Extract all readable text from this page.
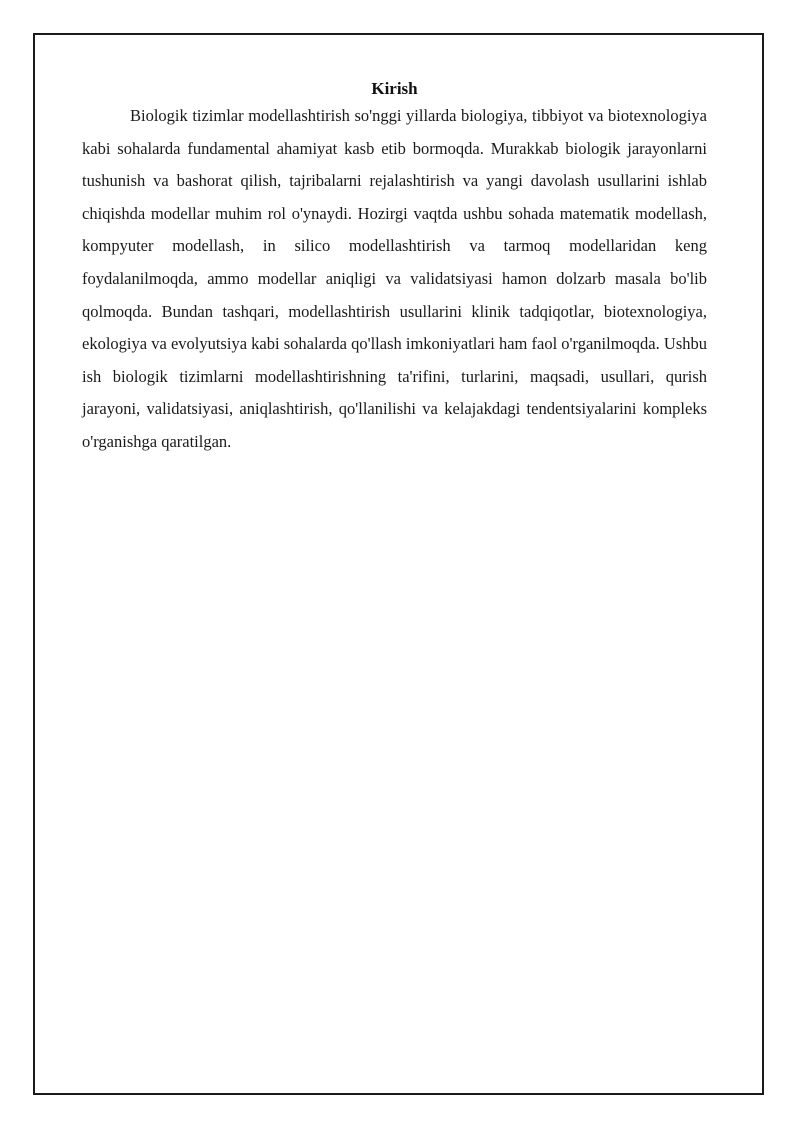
Kirish

Biologik tizimlar modellashtirish so'nggi yillarda biologiya, tibbiyot va biotexnologiya kabi sohalarda fundamental ahamiyat kasb etib bormoqda. Murakkab biologik jarayonlarni tushunish va bashorat qilish, tajribalarni rejalashtirish va yangi davolash usullarini ishlab chiqishda modellar muhim rol o'ynaydi. Hozirgi vaqtda ushbu sohada matematik modellash, kompyuter modellash, in silico modellashtirish va tarmoq modellaridan keng foydalanilmoqda, ammo modellar aniqligi va validatsiyasi hamon dolzarb masala bo'lib qolmoqda. Bundan tashqari, modellashtirish usullarini klinik tadqiqotlar, biotexnologiya, ekologiya va evolyutsiya kabi sohalarda qo'llash imkoniyatlari ham faol o'rganilmoqda. Ushbu ish biologik tizimlarni modellashtirishning ta'rifini, turlarini, maqsadi, usullari, qurish jarayoni, validatsiyasi, aniqlashtirish, qo'llanilishi va kelajakdagi tendentsiyalarini kompleks o'rganishga qaratilgan.
